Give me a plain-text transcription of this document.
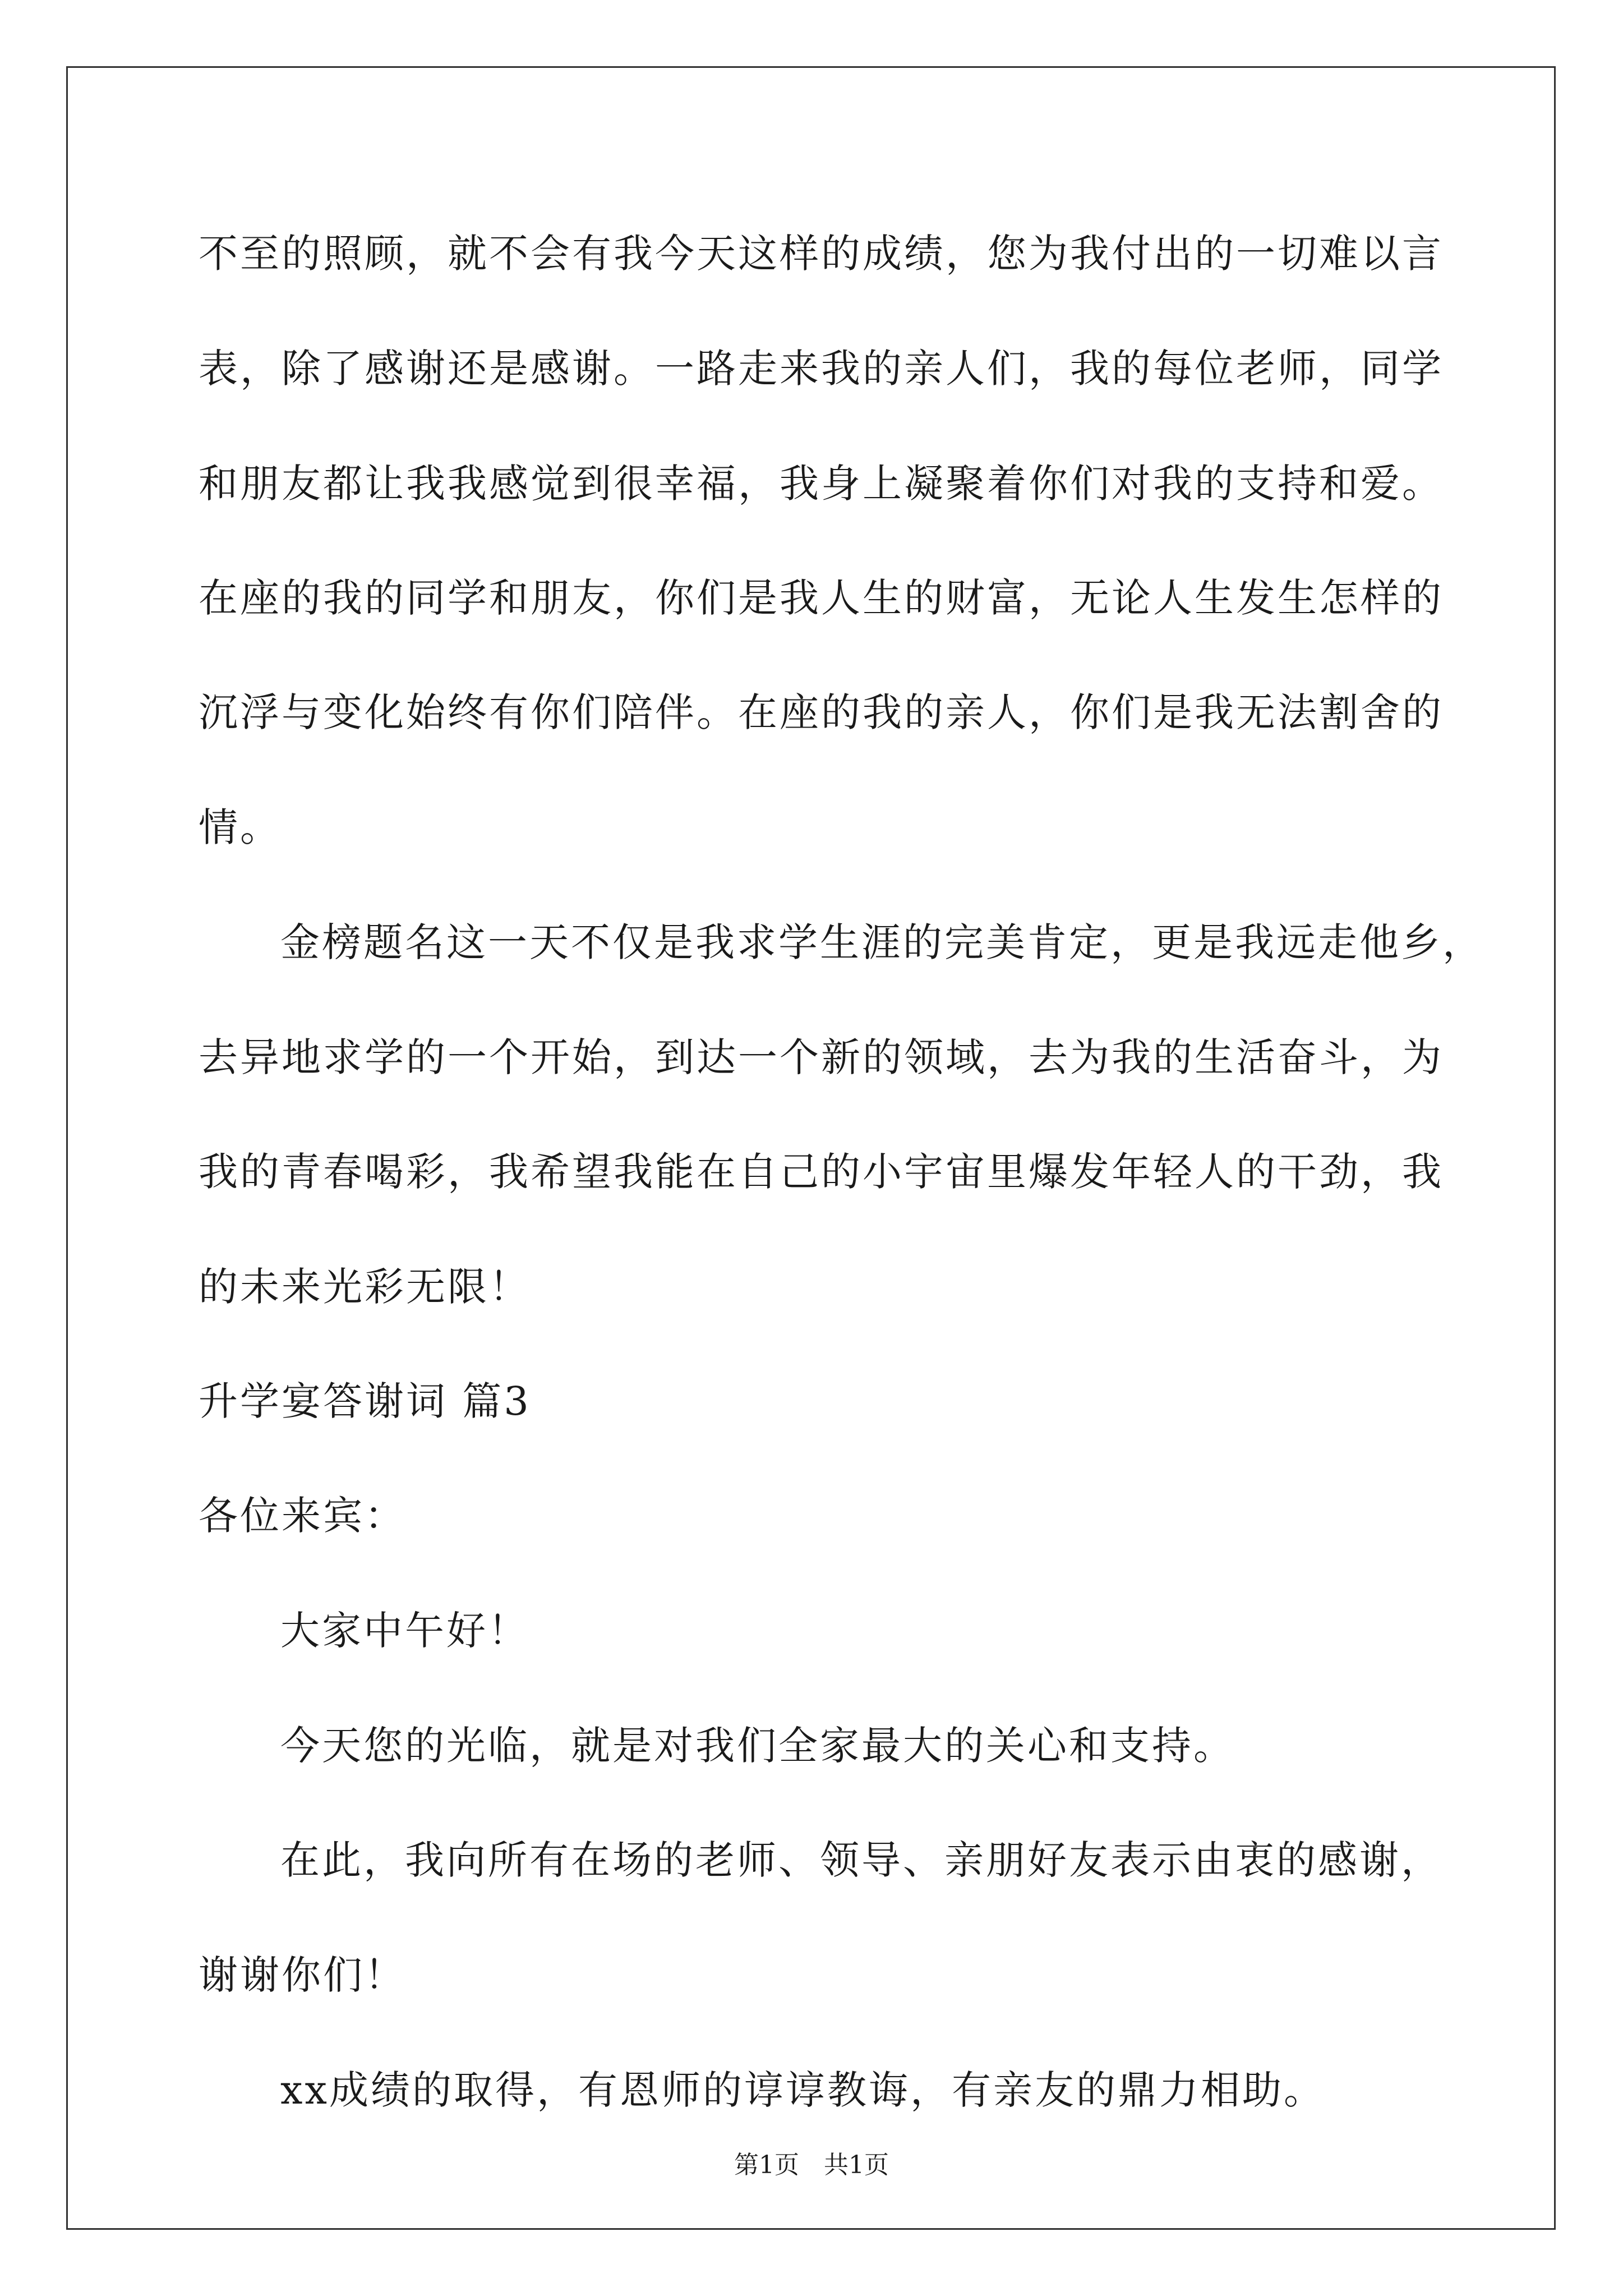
不至的照顾，就不会有我今天这样的成绩，您为我付出的一切难以言
表，除了感谢还是感谢。一路走来我的亲人们，我的每位老师，同学
和朋友都让我我感觉到很幸福，我身上凝聚着你们对我的支持和爱。
在座的我的同学和朋友，你们是我人生的财富，无论人生发生怎样的
沉浮与变化始终有你们陪伴。在座的我的亲人，你们是我无法割舍的
情。
金榜题名这一天不仅是我求学生涯的完美肯定，更是我远走他乡，
去异地求学的一个开始，到达一个新的领域，去为我的生活奋斗，为
我的青春喝彩，我希望我能在自己的小宇宙里爆发年轻人的干劲，我
的未来光彩无限！
升学宴答谢词 篇3
各位来宾：
大家中午好！
今天您的光临，就是对我们全家最大的关心和支持。
在此，我向所有在场的老师、领导、亲朋好友表示由衷的感谢，
谢谢你们！
xx成绩的取得，有恩师的谆谆教诲，有亲友的鼎力相助。
第1页　共1页
